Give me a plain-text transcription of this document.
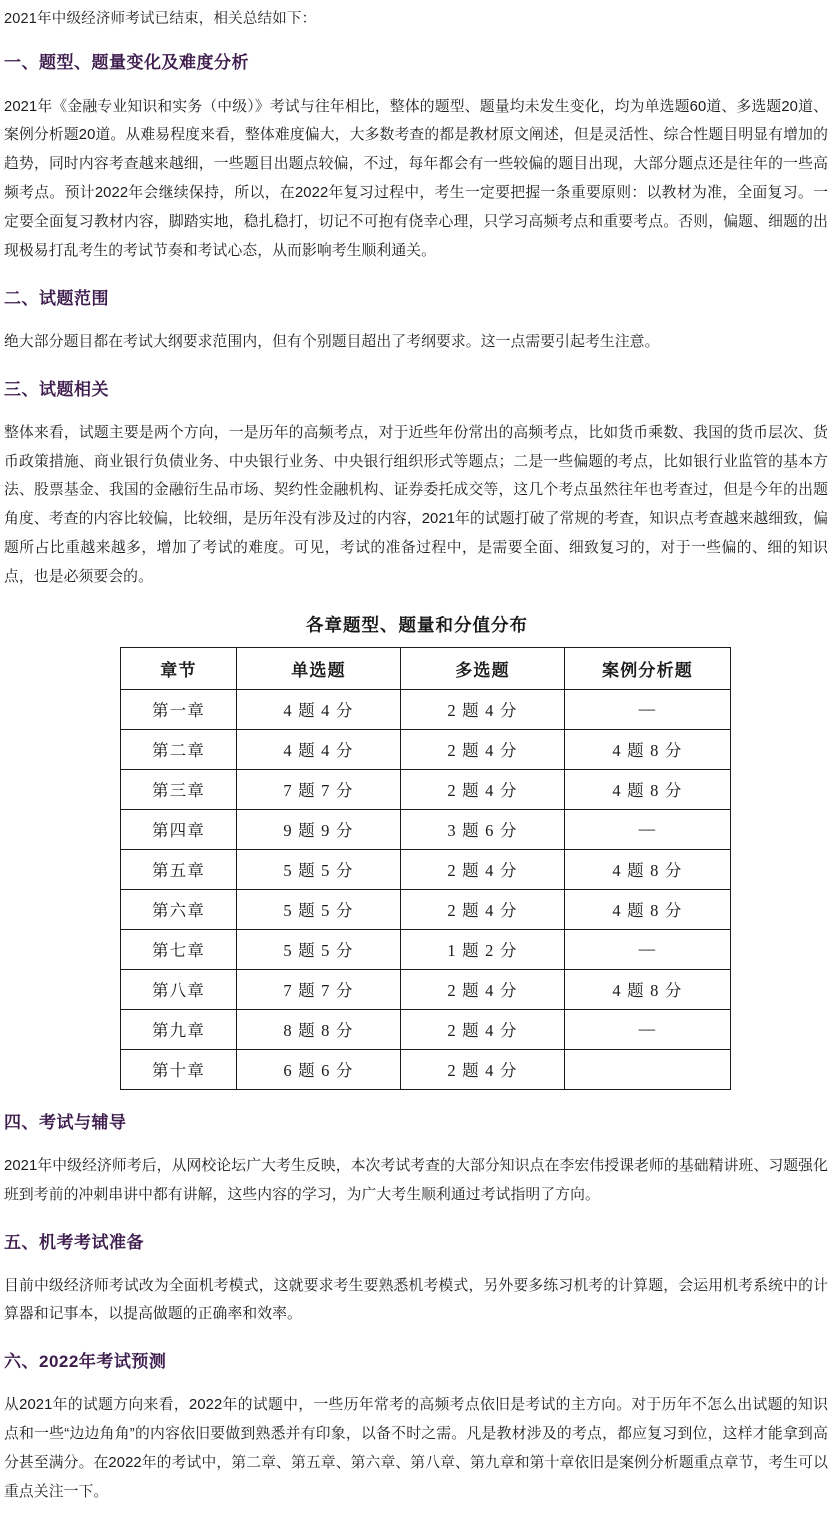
2021年中级经济师考试已结束，相关总结如下：

一、题型、题量变化及难度分析

2021年《金融专业知识和实务（中级）》考试与往年相比，整体的题型、题量均未发生变化，均为单选题60道、多选题20道、案例分析题20道。从难易程度来看，整体难度偏大，大多数考查的都是教材原文阐述，但是灵活性、综合性题目明显有增加的趋势，同时内容考查越来越细，一些题目出题点较偏，不过，每年都会有一些较偏的题目出现，大部分题点还是往年的一些高频考点。预计2022年会继续保持，所以，在2022年复习过程中，考生一定要把握一条重要原则：以教材为准，全面复习。一定要全面复习教材内容，脚踏实地，稳扎稳打，切记不可抱有侥幸心理，只学习高频考点和重要考点。否则，偏题、细题的出现极易打乱考生的考试节奏和考试心态，从而影响考生顺利通关。

二、试题范围

绝大部分题目都在考试大纲要求范围内，但有个别题目超出了考纲要求。这一点需要引起考生注意。

三、试题相关

整体来看，试题主要是两个方向，一是历年的高频考点，对于近些年份常出的高频考点，比如货币乘数、我国的货币层次、货币政策措施、商业银行负债业务、中央银行业务、中央银行组织形式等题点；二是一些偏题的考点，比如银行业监管的基本方法、股票基金、我国的金融衍生品市场、契约性金融机构、证券委托成交等，这几个考点虽然往年也考查过，但是今年的出题角度、考查的内容比较偏，比较细，是历年没有涉及过的内容，2021年的试题打破了常规的考查，知识点考查越来越细致，偏题所占比重越来越多，增加了考试的难度。可见，考试的准备过程中，是需要全面、细致复习的，对于一些偏的、细的知识点，也是必须要会的。

各章题型、题量和分值分布
章节	单选题	多选题	案例分析题
第一章	4 题 4 分	2 题 4 分	—
第二章	4 题 4 分	2 题 4 分	4 题 8 分
第三章	7 题 7 分	2 题 4 分	4 题 8 分
第四章	9 题 9 分	3 题 6 分	—
第五章	5 题 5 分	2 题 4 分	4 题 8 分
第六章	5 题 5 分	2 题 4 分	4 题 8 分
第七章	5 题 5 分	1 题 2 分	—
第八章	7 题 7 分	2 题 4 分	4 题 8 分
第九章	8 题 8 分	2 题 4 分	—
第十章	6 题 6 分	2 题 4 分	
四、考试与辅导

2021年中级经济师考后，从网校论坛广大考生反映，本次考试考查的大部分知识点在李宏伟授课老师的基础精讲班、习题强化班到考前的冲刺串讲中都有讲解，这些内容的学习，为广大考生顺利通过考试指明了方向。

五、机考考试准备

目前中级经济师考试改为全面机考模式，这就要求考生要熟悉机考模式，另外要多练习机考的计算题，会运用机考系统中的计算器和记事本，以提高做题的正确率和效率。

六、2022年考试预测

从2021年的试题方向来看，2022年的试题中，一些历年常考的高频考点依旧是考试的主方向。对于历年不怎么出试题的知识点和一些“边边角角”的内容依旧要做到熟悉并有印象，以备不时之需。凡是教材涉及的考点，都应复习到位，这样才能拿到高分甚至满分。在2022年的考试中，第二章、第五章、第六章、第八章、第九章和第十章依旧是案例分析题重点章节，考生可以重点关注一下。
